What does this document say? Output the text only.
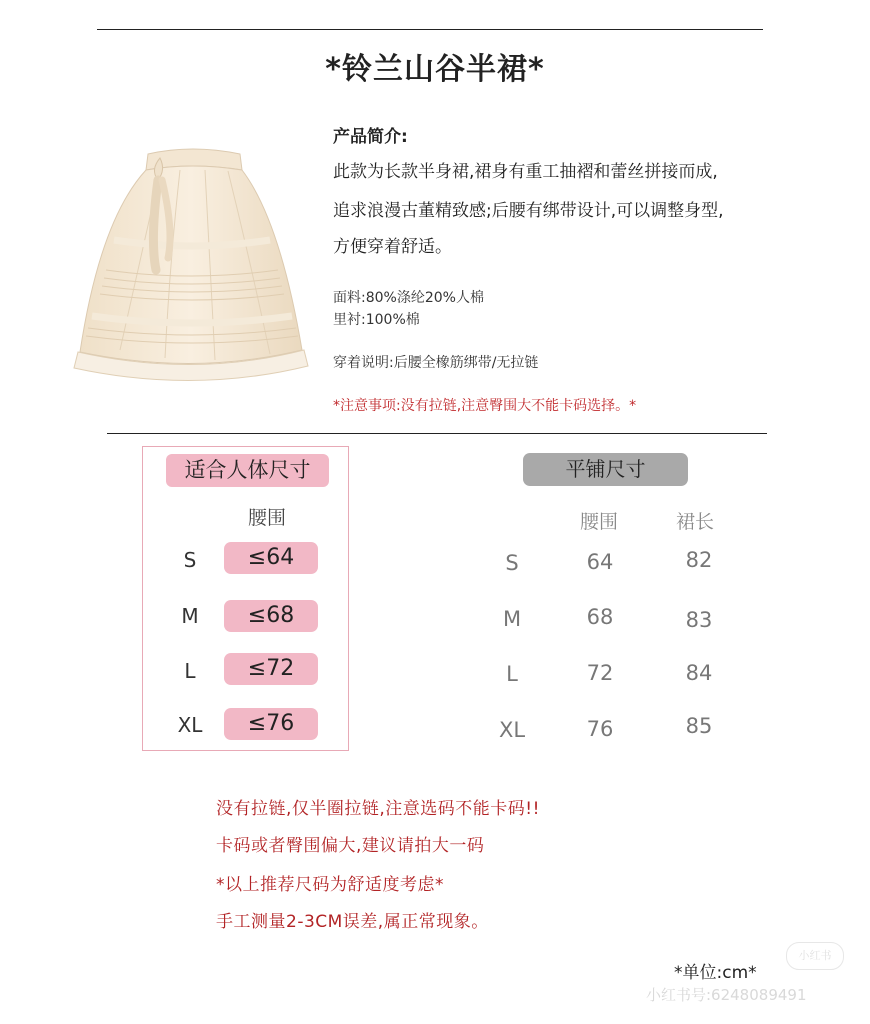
*铃兰山谷半裙*
产品简介:
此款为长款半身裙,裙身有重工抽褶和蕾丝拼接而成,
追求浪漫古董精致感;后腰有绑带设计,可以调整身型,
方便穿着舒适。
面料:80%涤纶20%人棉
里衬:100%棉
穿着说明:后腰全橡筋绑带/无拉链
*注意事项:没有拉链,注意臀围大不能卡码选择。*
适合人体尺寸
腰围
S	≤64
M	≤68
L	≤72
XL	≤76
平铺尺寸
腰围	裙长
S	64	82
M	68	83
L	72	84
XL	76	85
没有拉链,仅半圈拉链,注意选码不能卡码!!
卡码或者臀围偏大,建议请拍大一码
*以上推荐尺码为舒适度考虑*
手工测量2-3CM误差,属正常现象。
*单位:cm*
小红书
小红书号:6248089491
